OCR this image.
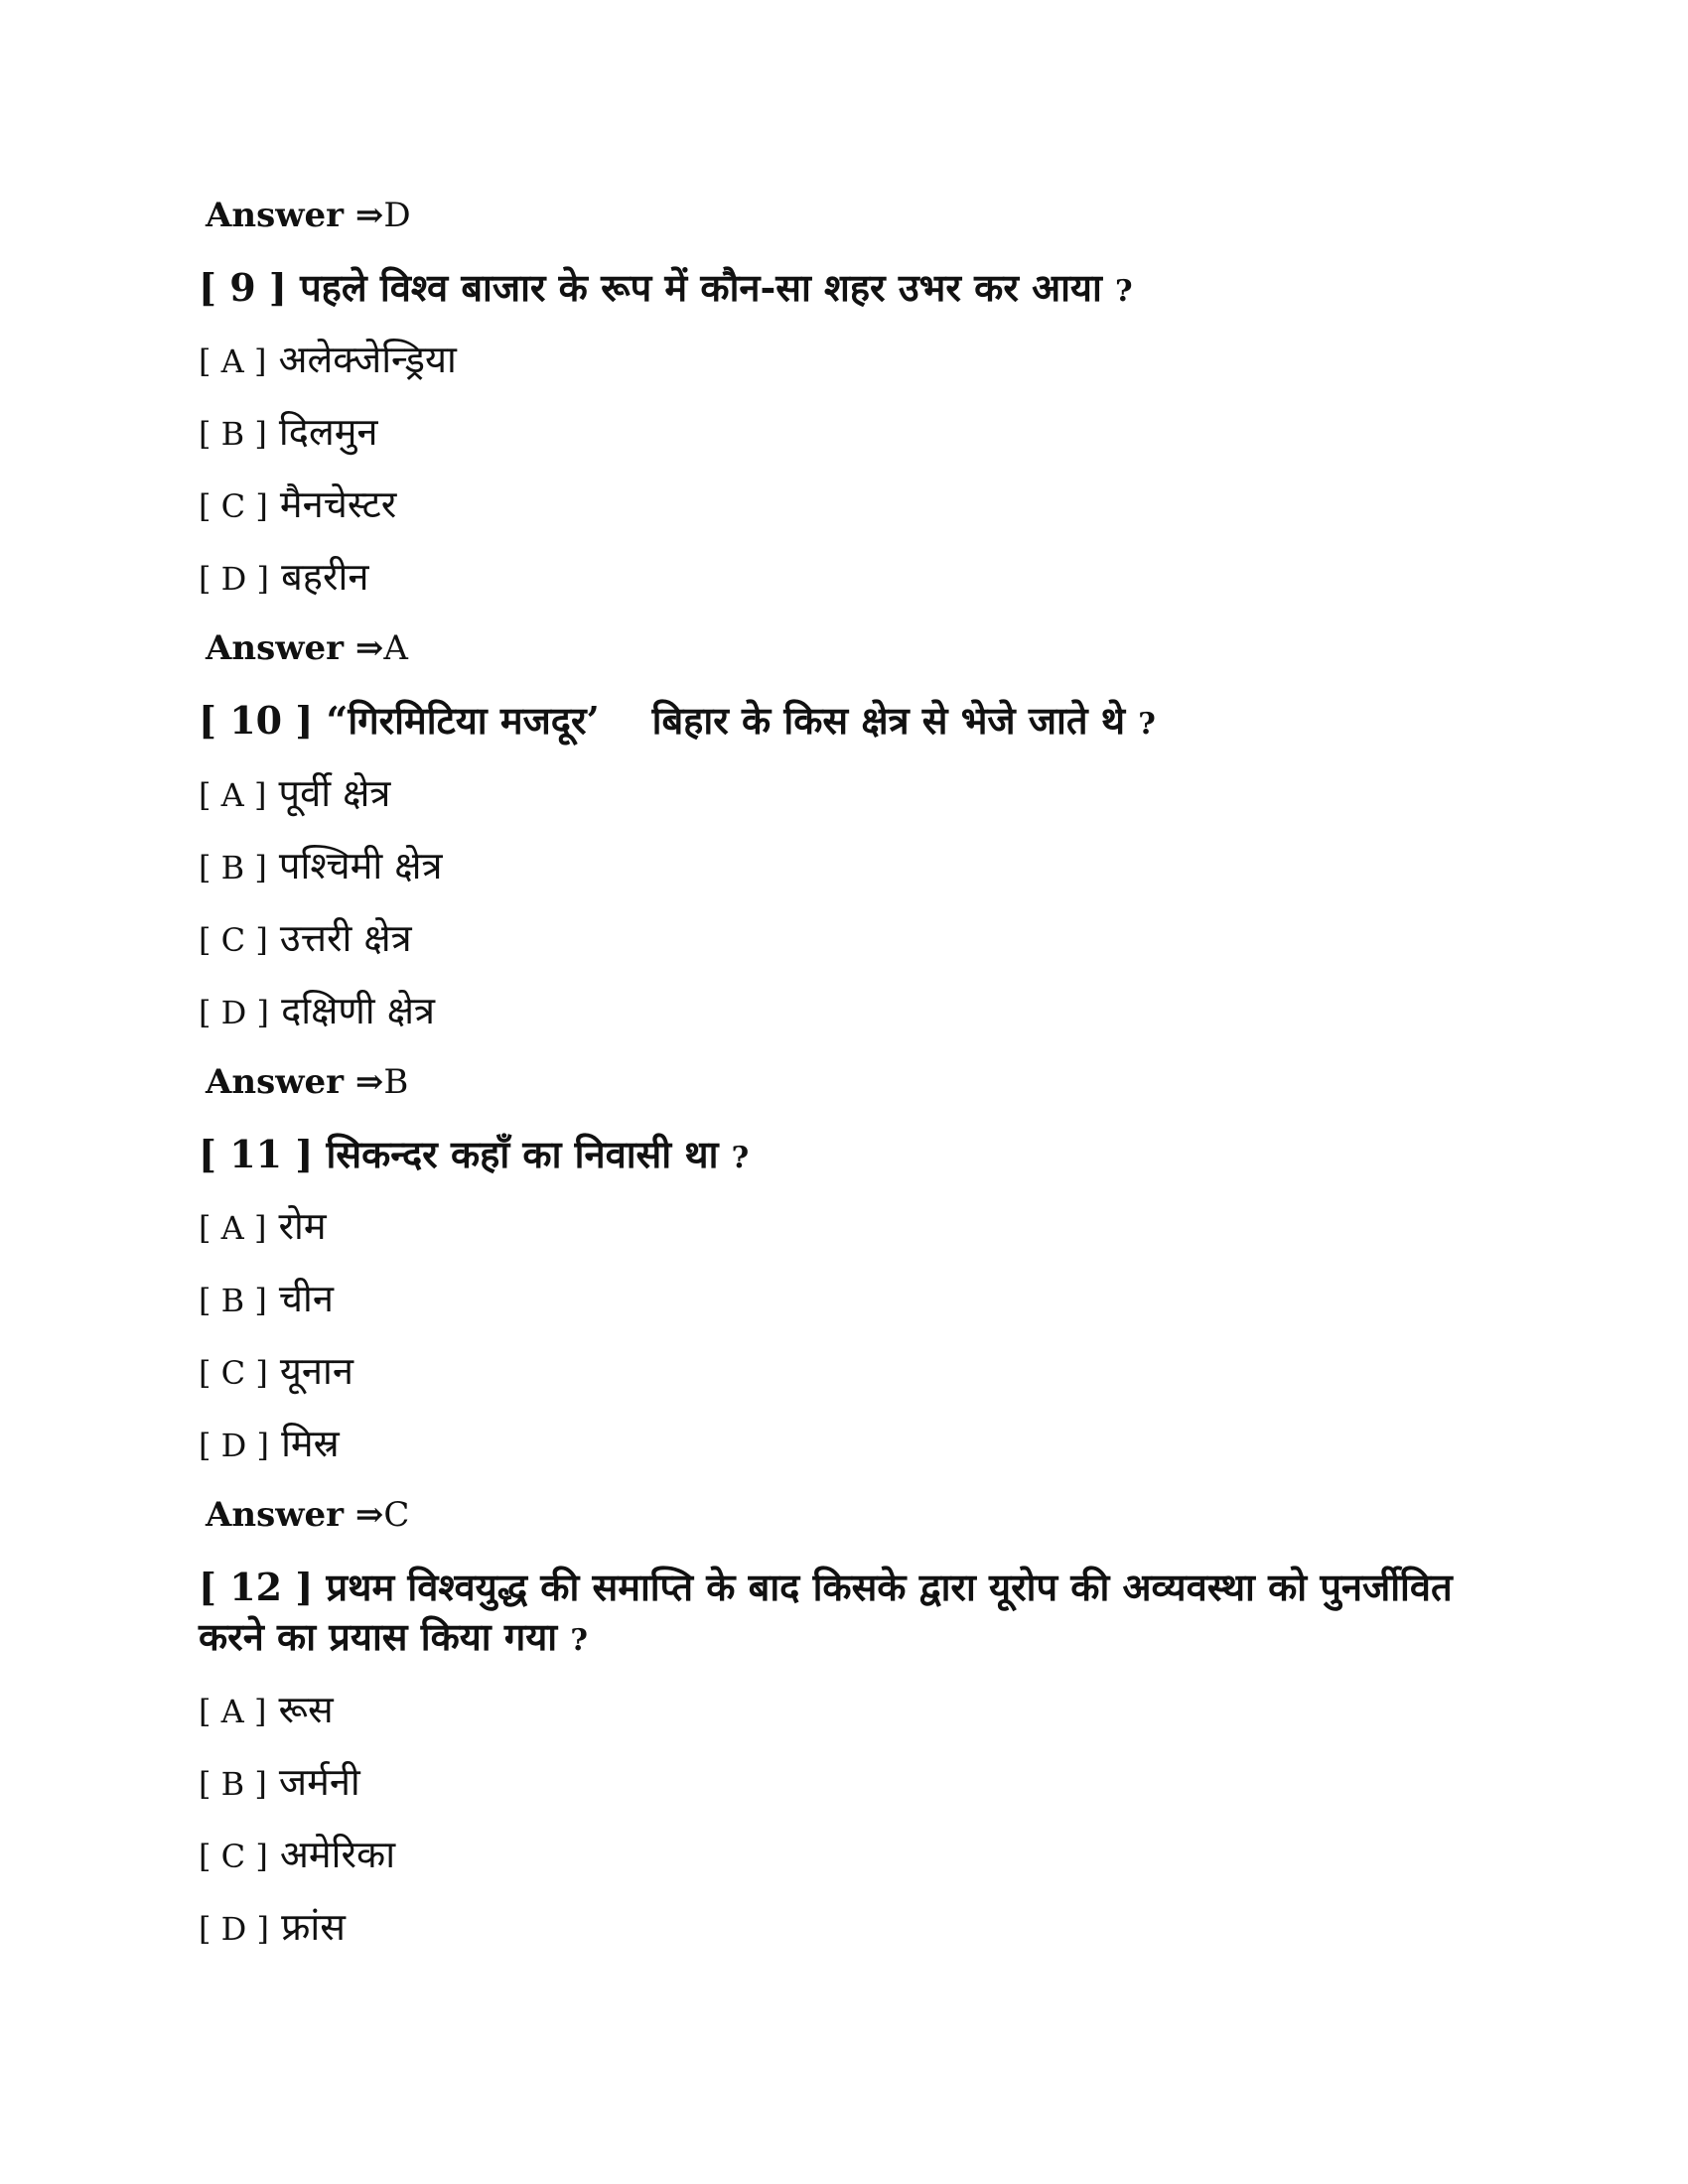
Answer ⇒D
[ 9 ] पहले विश्व बाजार के रूप में कौन-सा शहर उभर कर आया ?
[ A ] अलेक्जेन्ड्रिया
[ B ] दिलमुन
[ C ] मैनचेस्टर
[ D ] बहरीन
Answer ⇒A
[ 10 ] “गिरमिटिया मजदूर’    बिहार के किस क्षेत्र से भेजे जाते थे ?
[ A ] पूर्वी क्षेत्र
[ B ] पश्चिमी क्षेत्र
[ C ] उत्तरी क्षेत्र
[ D ] दक्षिणी क्षेत्र
Answer ⇒B
[ 11 ] सिकन्दर कहाँ का निवासी था ?
[ A ] रोम
[ B ] चीन
[ C ] यूनान
[ D ] मिस्र
Answer ⇒C
[ 12 ] प्रथम विश्वयुद्ध की समाप्ति के बाद किसके द्वारा यूरोप की अव्यवस्था को पुनर्जीवित
करने का प्रयास किया गया ?
[ A ] रूस
[ B ] जर्मनी
[ C ] अमेरिका
[ D ] फ्रांस
